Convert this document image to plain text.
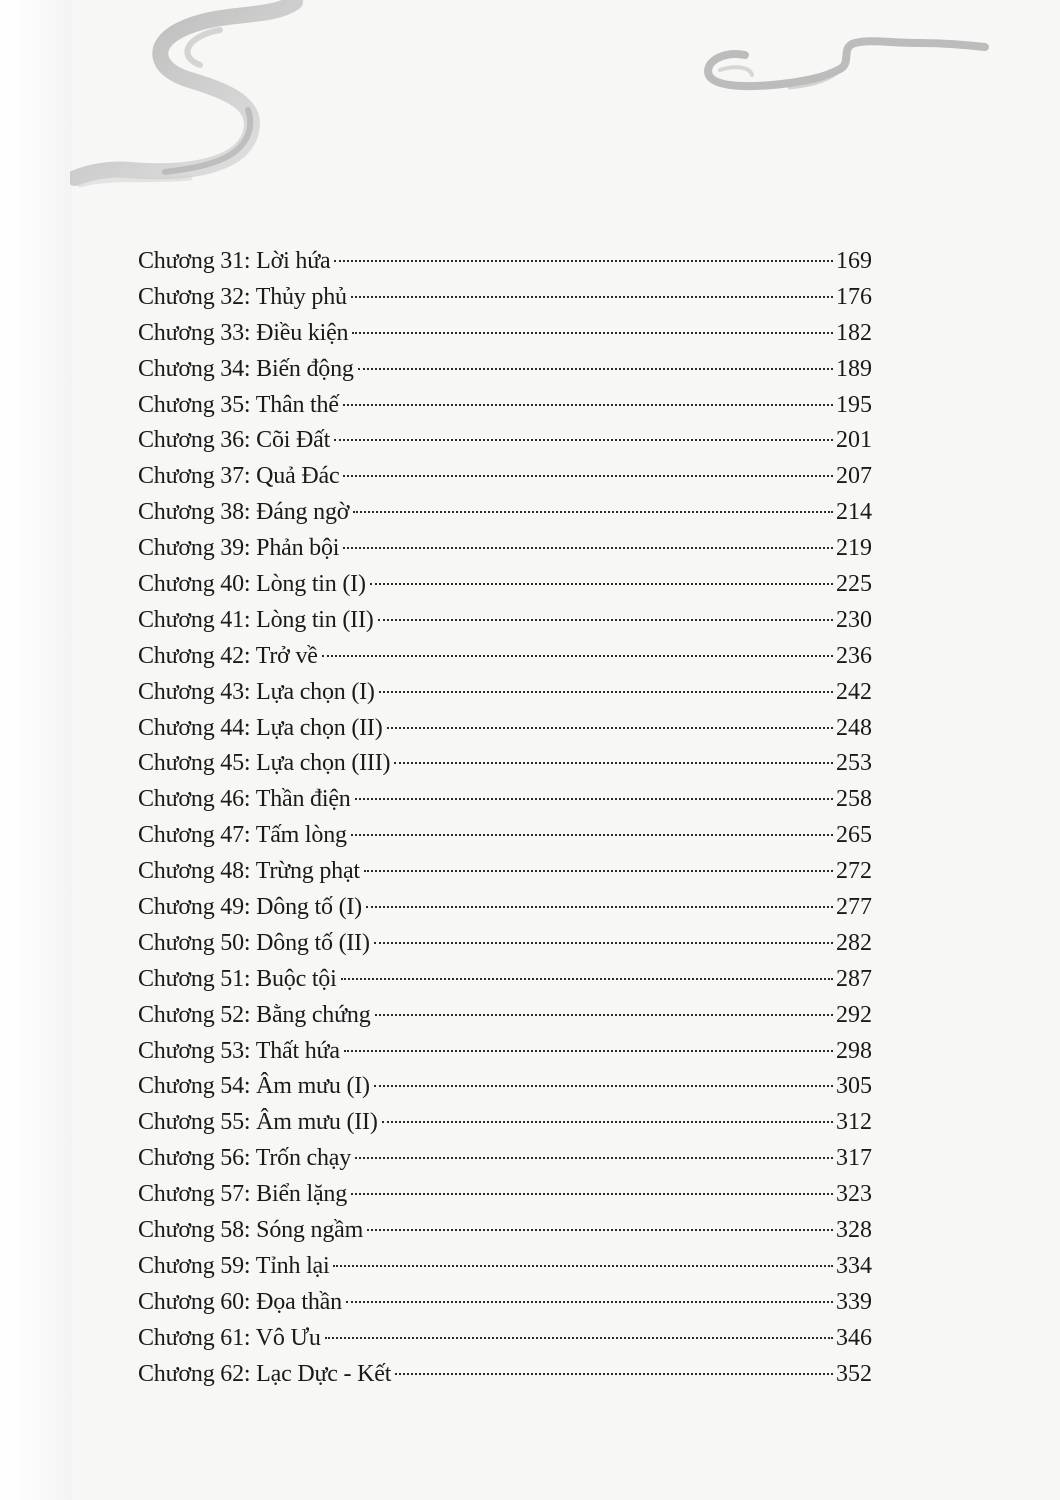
Chương 31: Lời hứa	169
Chương 32: Thủy phủ	176
Chương 33: Điều kiện	182
Chương 34: Biến động	189
Chương 35: Thân thế	195
Chương 36: Cõi Đất	201
Chương 37: Quả Đác	207
Chương 38: Đáng ngờ	214
Chương 39: Phản bội	219
Chương 40: Lòng tin (I)	225
Chương 41: Lòng tin (II)	230
Chương 42: Trở về	236
Chương 43: Lựa chọn (I)	242
Chương 44: Lựa chọn (II)	248
Chương 45: Lựa chọn (III)	253
Chương 46: Thần điện	258
Chương 47: Tấm lòng	265
Chương 48: Trừng phạt	272
Chương 49: Dông tố (I)	277
Chương 50: Dông tố (II)	282
Chương 51: Buộc tội	287
Chương 52: Bằng chứng	292
Chương 53: Thất hứa	298
Chương 54: Âm mưu (I)	305
Chương 55: Âm mưu (II)	312
Chương 56: Trốn chạy	317
Chương 57: Biển lặng	323
Chương 58: Sóng ngầm	328
Chương 59: Tỉnh lại	334
Chương 60: Đọa thần	339
Chương 61: Vô Ưu	346
Chương 62: Lạc Dực - Kết	352
